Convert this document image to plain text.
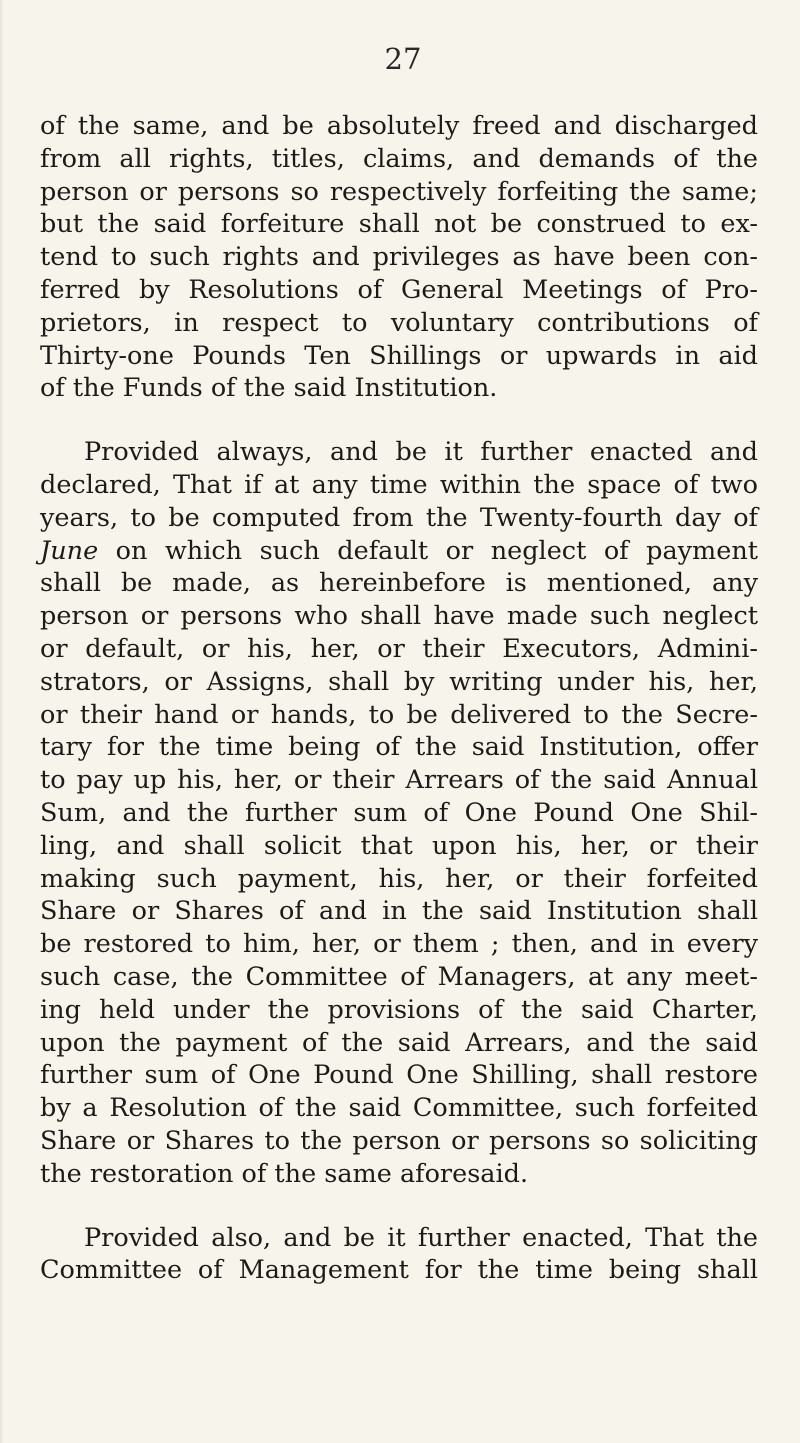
27

of the same, and be absolutely freed and discharged
from all rights, titles, claims, and demands of the
person or persons so respectively forfeiting the same;
but the said forfeiture shall not be construed to ex-
tend to such rights and privileges as have been con-
ferred by Resolutions of General Meetings of Pro-
prietors, in respect to voluntary contributions of
Thirty-one Pounds Ten Shillings or upwards in aid
of the Funds of the said Institution.

Provided always, and be it further enacted and
declared, That if at any time within the space of two
years, to be computed from the Twenty-fourth day of
June on which such default or neglect of payment
shall be made, as hereinbefore is mentioned, any
person or persons who shall have made such neglect
or default, or his, her, or their Executors, Admini-
strators, or Assigns, shall by writing under his, her,
or their hand or hands, to be delivered to the Secre-
tary for the time being of the said Institution, offer
to pay up his, her, or their Arrears of the said Annual
Sum, and the further sum of One Pound One Shil-
ling, and shall solicit that upon his, her, or their
making such payment, his, her, or their forfeited
Share or Shares of and in the said Institution shall
be restored to him, her, or them ; then, and in every
such case, the Committee of Managers, at any meet-
ing held under the provisions of the said Charter,
upon the payment of the said Arrears, and the said
further sum of One Pound One Shilling, shall restore
by a Resolution of the said Committee, such forfeited
Share or Shares to the person or persons so soliciting
the restoration of the same aforesaid.

Provided also, and be it further enacted, That the
Committee of Management for the time being shall
